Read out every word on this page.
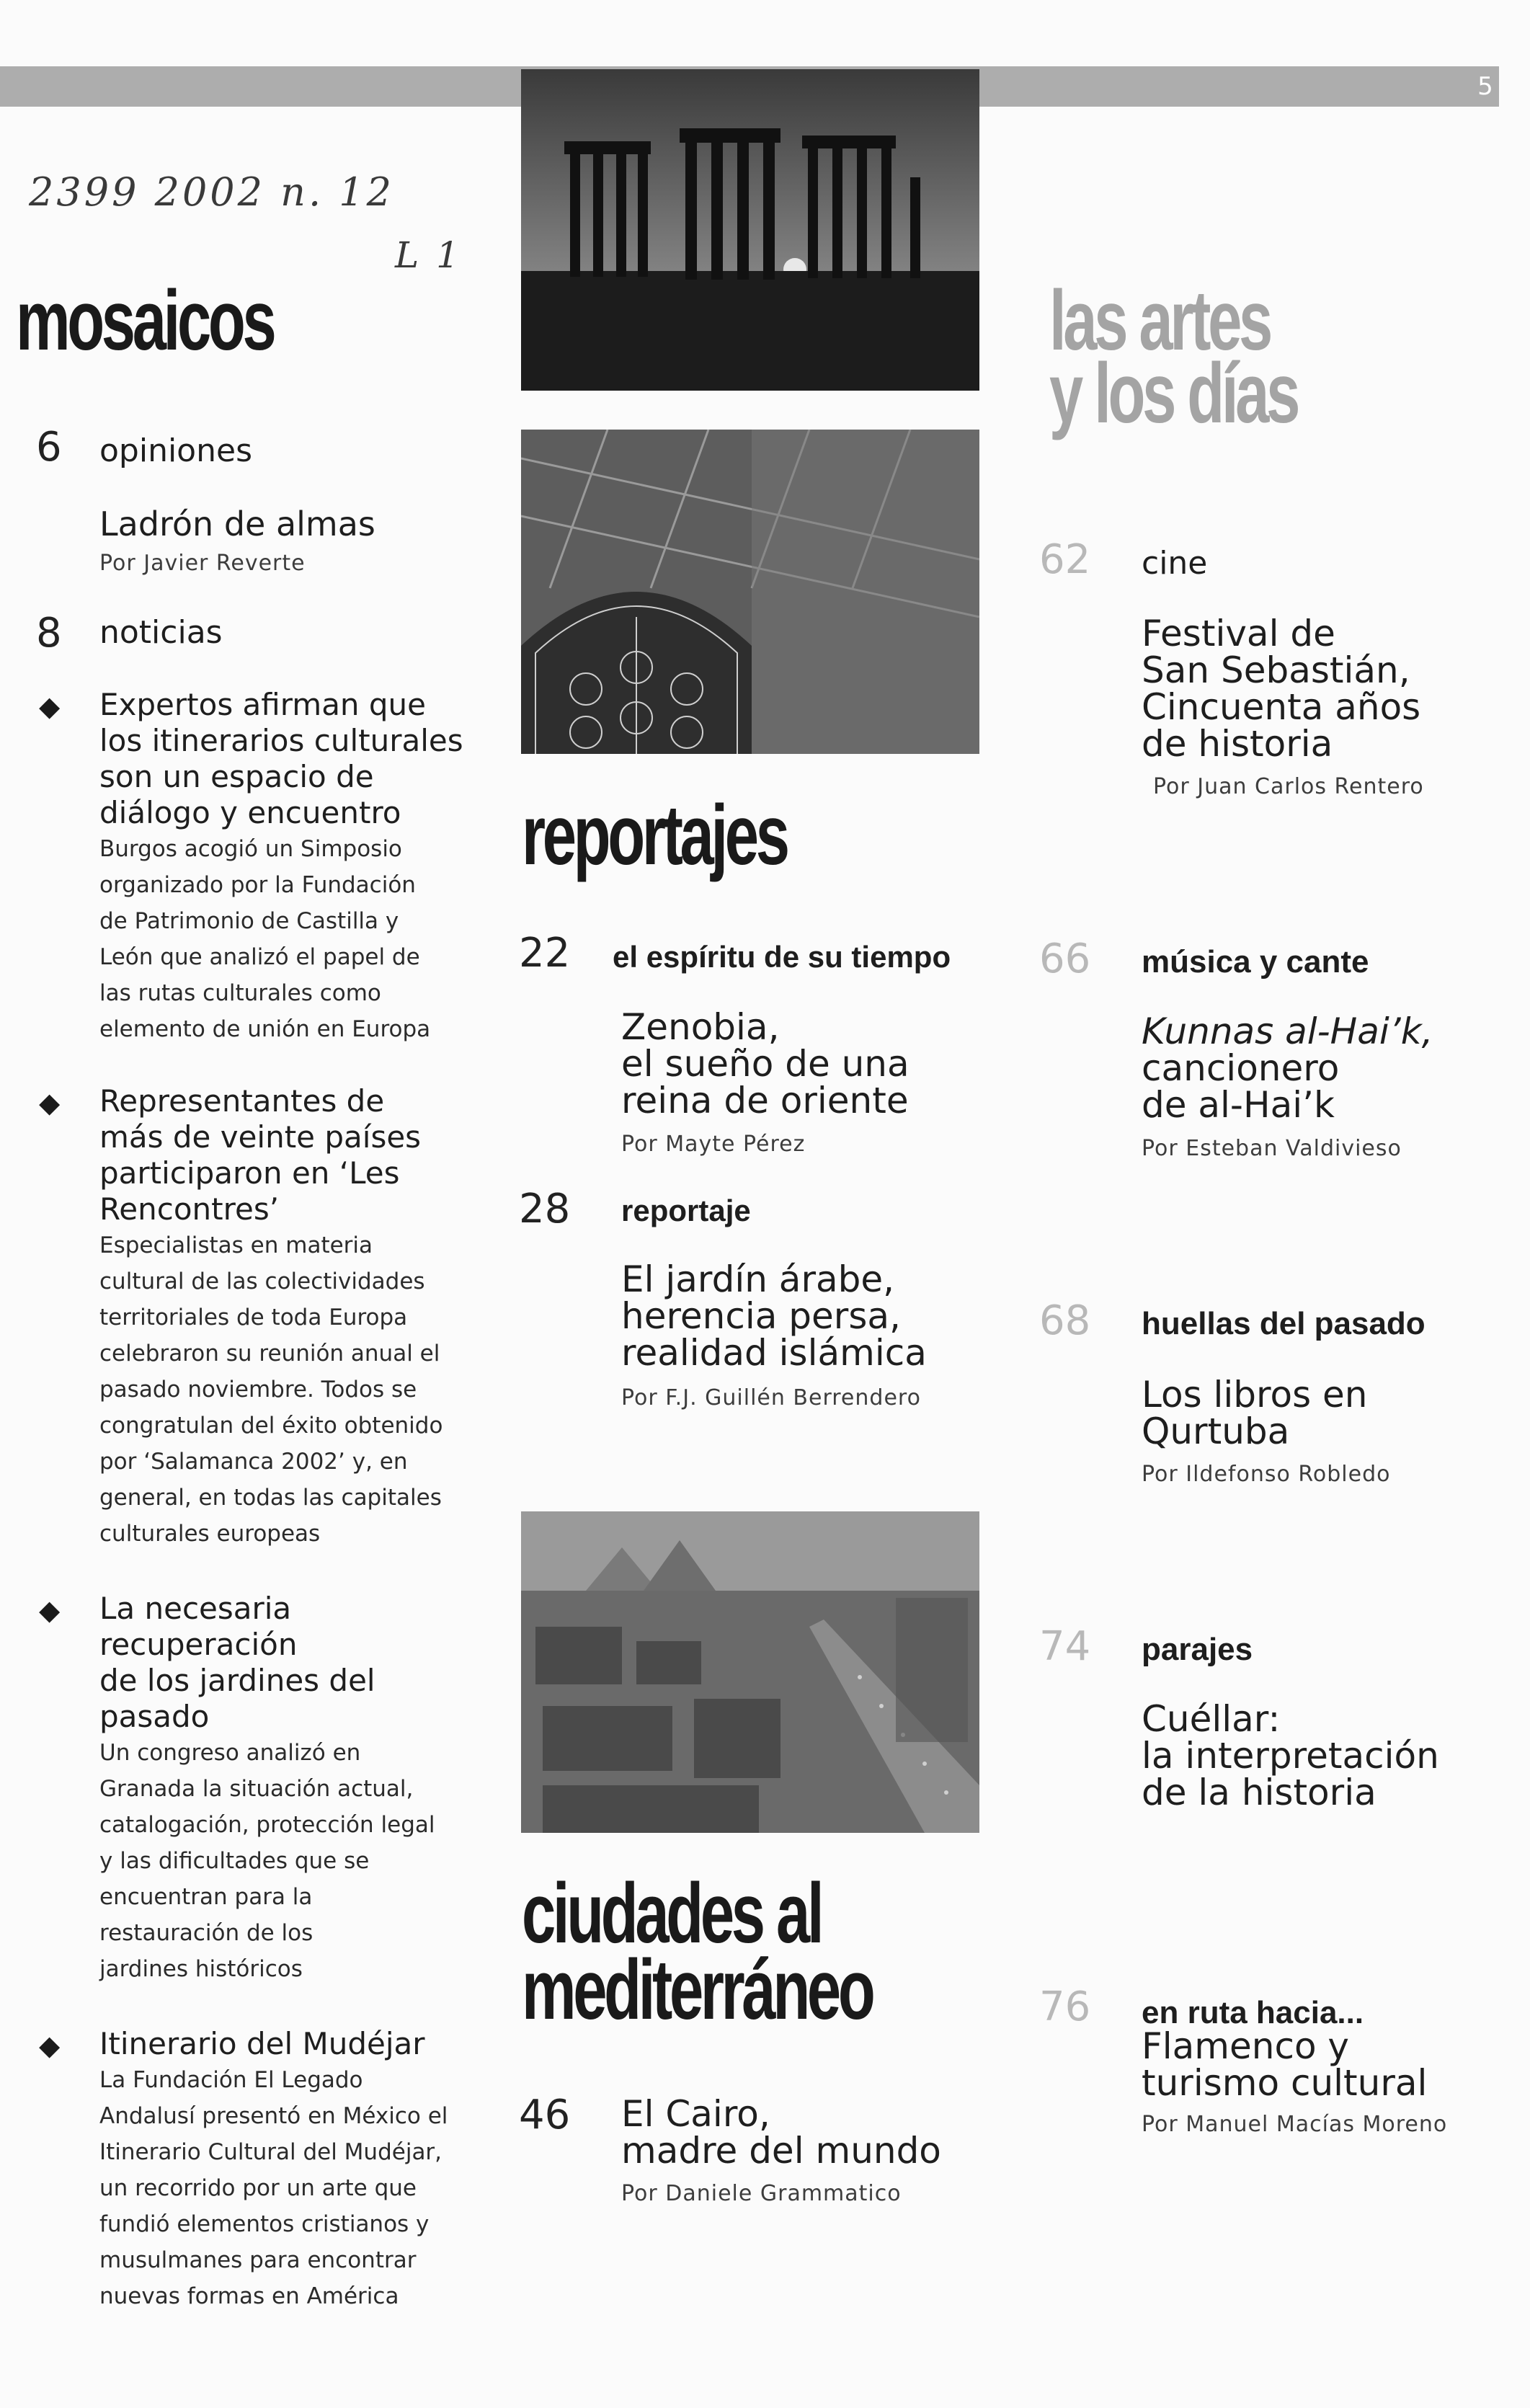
5
2399 2002 n. 12
L 1
mosaicos
6 opiniones
Ladrón de almas
Por Javier Reverte
8 noticias
◆ Expertos afirman que
los itinerarios culturales
son un espacio de
diálogo y encuentro
Burgos acogió un Simposio
organizado por la Fundación
de Patrimonio de Castilla y
León que analizó el papel de
las rutas culturales como
elemento de unión en Europa
◆ Representantes de
más de veinte países
participaron en ‘Les
Rencontres’
Especialistas en materia
cultural de las colectividades
territoriales de toda Europa
celebraron su reunión anual el
pasado noviembre. Todos se
congratulan del éxito obtenido
por ‘Salamanca 2002’ y, en
general, en todas las capitales
culturales europeas
◆ La necesaria
recuperación
de los jardines del
pasado
Un congreso analizó en
Granada la situación actual,
catalogación, protección legal
y las dificultades que se
encuentran para la
restauración de los
jardines históricos
◆ Itinerario del Mudéjar
La Fundación El Legado
Andalusí presentó en México el
Itinerario Cultural del Mudéjar,
un recorrido por un arte que
fundió elementos cristianos y
musulmanes para encontrar
nuevas formas en América
reportajes
22 el espíritu de su tiempo
Zenobia,
el sueño de una
reina de oriente
Por Mayte Pérez
28 reportaje
El jardín árabe,
herencia persa,
realidad islámica
Por F.J. Guillén Berrendero
ciudades al
mediterráneo
46 El Cairo,
madre del mundo
Por Daniele Grammatico
las artes
y los días
62 cine
Festival de
San Sebastián,
Cincuenta años
de historia
Por Juan Carlos Rentero
66 música y cante
Kunnas al-Hai’k,
cancionero
de al-Hai’k
Por Esteban Valdivieso
68 huellas del pasado
Los libros en
Qurtuba
Por Ildefonso Robledo
74 parajes
Cuéllar:
la interpretación
de la historia
76 en ruta hacia...
Flamenco y
turismo cultural
Por Manuel Macías Moreno
